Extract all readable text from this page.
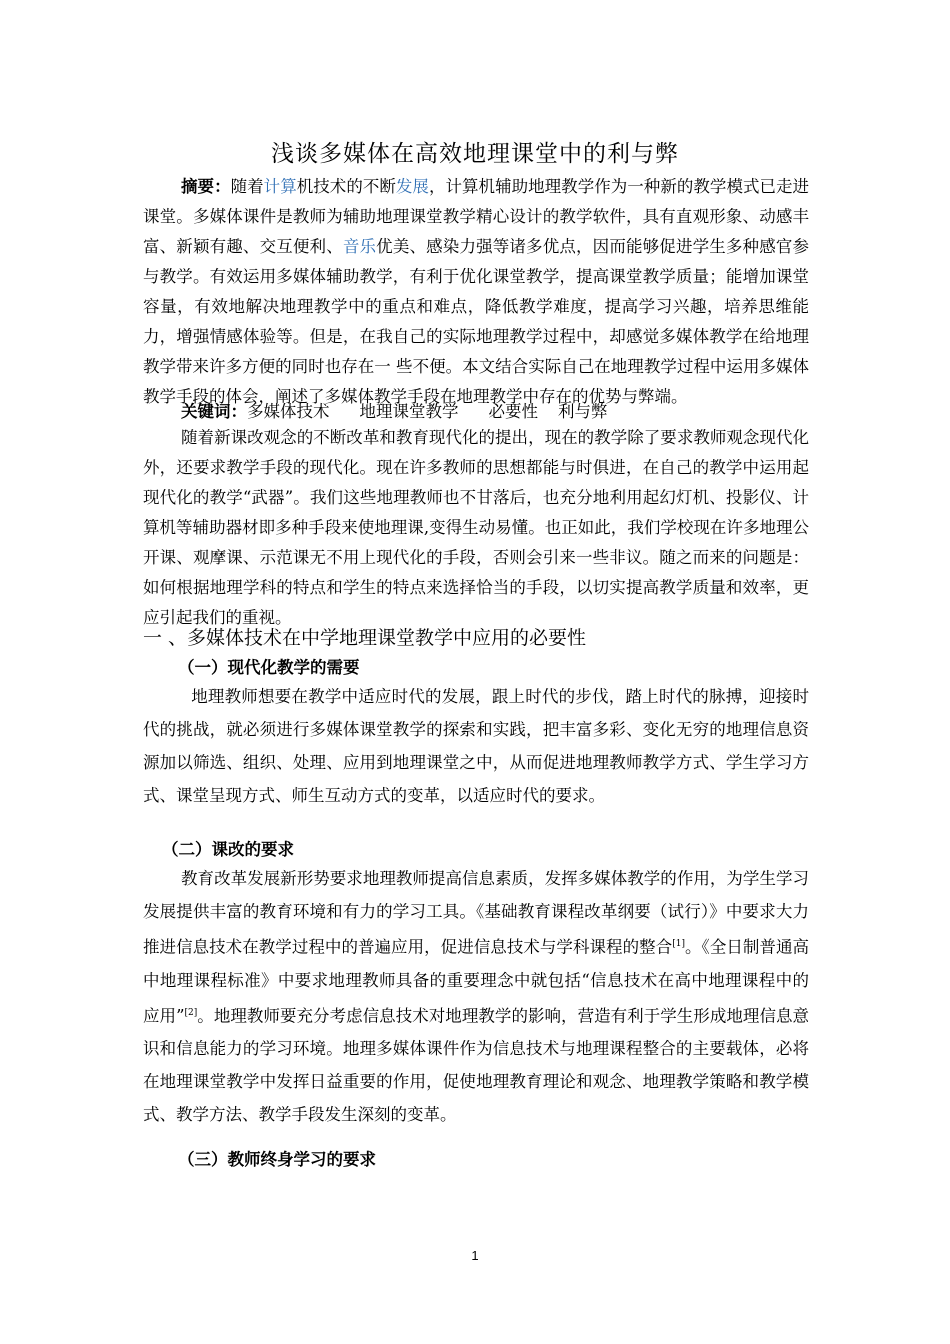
浅谈多媒体在高效地理课堂中的利与弊
摘要：随着计算机技术的不断发展，计算机辅助地理教学作为一种新的教学模式已走进课堂。多媒体课件是教师为辅助地理课堂教学精心设计的教学软件，具有直观形象、动感丰富、新颖有趣、交互便利、音乐优美、感染力强等诸多优点，因而能够促进学生多种感官参与教学。有效运用多媒体辅助教学，有利于优化课堂教学，提高课堂教学质量；能增加课堂容量，有效地解决地理教学中的重点和难点，降低教学难度，提高学习兴趣，培养思维能力，增强情感体验等。但是，在我自己的实际地理教学过程中，却感觉多媒体教学在给地理教学带来许多方便的同时也存在一 些不便。本文结合实际自己在地理教学过程中运用多媒体教学手段的体会，阐述了多媒体教学手段在地理教学中存在的优势与弊端。
关键词：多媒体技术 地理课堂教学 必要性 利与弊
随着新课改观念的不断改革和教育现代化的提出，现在的教学除了要求教师观念现代化外，还要求教学手段的现代化。现在许多教师的思想都能与时俱进，在自己的教学中运用起现代化的教学“武器”。我们这些地理教师也不甘落后，也充分地利用起幻灯机、投影仪、计算机等辅助器材即多种手段来使地理课,变得生动易懂。也正如此，我们学校现在许多地理公开课、观摩课、示范课无不用上现代化的手段，否则会引来一些非议。随之而来的问题是：如何根据地理学科的特点和学生的特点来选择恰当的手段，以切实提高教学质量和效率，更应引起我们的重视。
一 、多媒体技术在中学地理课堂教学中应用的必要性
（一）现代化教学的需要
地理教师想要在教学中适应时代的发展，跟上时代的步伐，踏上时代的脉搏，迎接时代的挑战，就必须进行多媒体课堂教学的探索和实践，把丰富多彩、变化无穷的地理信息资源加以筛选、组织、处理、应用到地理课堂之中，从而促进地理教师教学方式、学生学习方式、课堂呈现方式、师生互动方式的变革，以适应时代的要求。
（二）课改的要求
教育改革发展新形势要求地理教师提高信息素质，发挥多媒体教学的作用，为学生学习发展提供丰富的教育环境和有力的学习工具。《基础教育课程改革纲要（试行）》中要求大力推进信息技术在教学过程中的普遍应用，促进信息技术与学科课程的整合[1]。《全日制普通高中地理课程标准》中要求地理教师具备的重要理念中就包括“信息技术在高中地理课程中的应用”[2]。地理教师要充分考虑信息技术对地理教学的影响，营造有利于学生形成地理信息意识和信息能力的学习环境。地理多媒体课件作为信息技术与地理课程整合的主要载体，必将在地理课堂教学中发挥日益重要的作用，促使地理教育理论和观念、地理教学策略和教学模式、教学方法、教学手段发生深刻的变革。
（三）教师终身学习的要求
1
